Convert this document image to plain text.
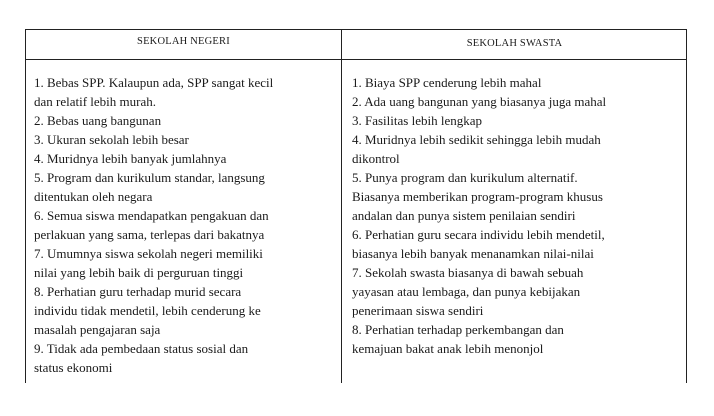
SEKOLAH NEGERI	SEKOLAH SWASTA
1. Bebas SPP. Kalaupun ada, SPP sangat kecil
dan relatif lebih murah.
2. Bebas uang bangunan
3. Ukuran sekolah lebih besar
4. Muridnya lebih banyak jumlahnya
5. Program dan kurikulum standar, langsung
ditentukan oleh negara
6. Semua siswa mendapatkan pengakuan dan
perlakuan yang sama, terlepas dari bakatnya
7. Umumnya siswa sekolah negeri memiliki
nilai yang lebih baik di perguruan tinggi
8. Perhatian guru terhadap murid secara
individu tidak mendetil, lebih cenderung ke
masalah pengajaran saja
9. Tidak ada pembedaan status sosial dan
status ekonomi
1. Biaya SPP cenderung lebih mahal
2. Ada uang bangunan yang biasanya juga mahal
3. Fasilitas lebih lengkap
4. Muridnya lebih sedikit sehingga lebih mudah
dikontrol
5. Punya program dan kurikulum alternatif.
Biasanya memberikan program-program khusus
andalan dan punya sistem penilaian sendiri
6. Perhatian guru secara individu lebih mendetil,
biasanya lebih banyak menanamkan nilai-nilai
7. Sekolah swasta biasanya di bawah sebuah
yayasan atau lembaga, dan punya kebijakan
penerimaan siswa sendiri
8. Perhatian terhadap perkembangan dan
kemajuan bakat anak lebih menonjol
